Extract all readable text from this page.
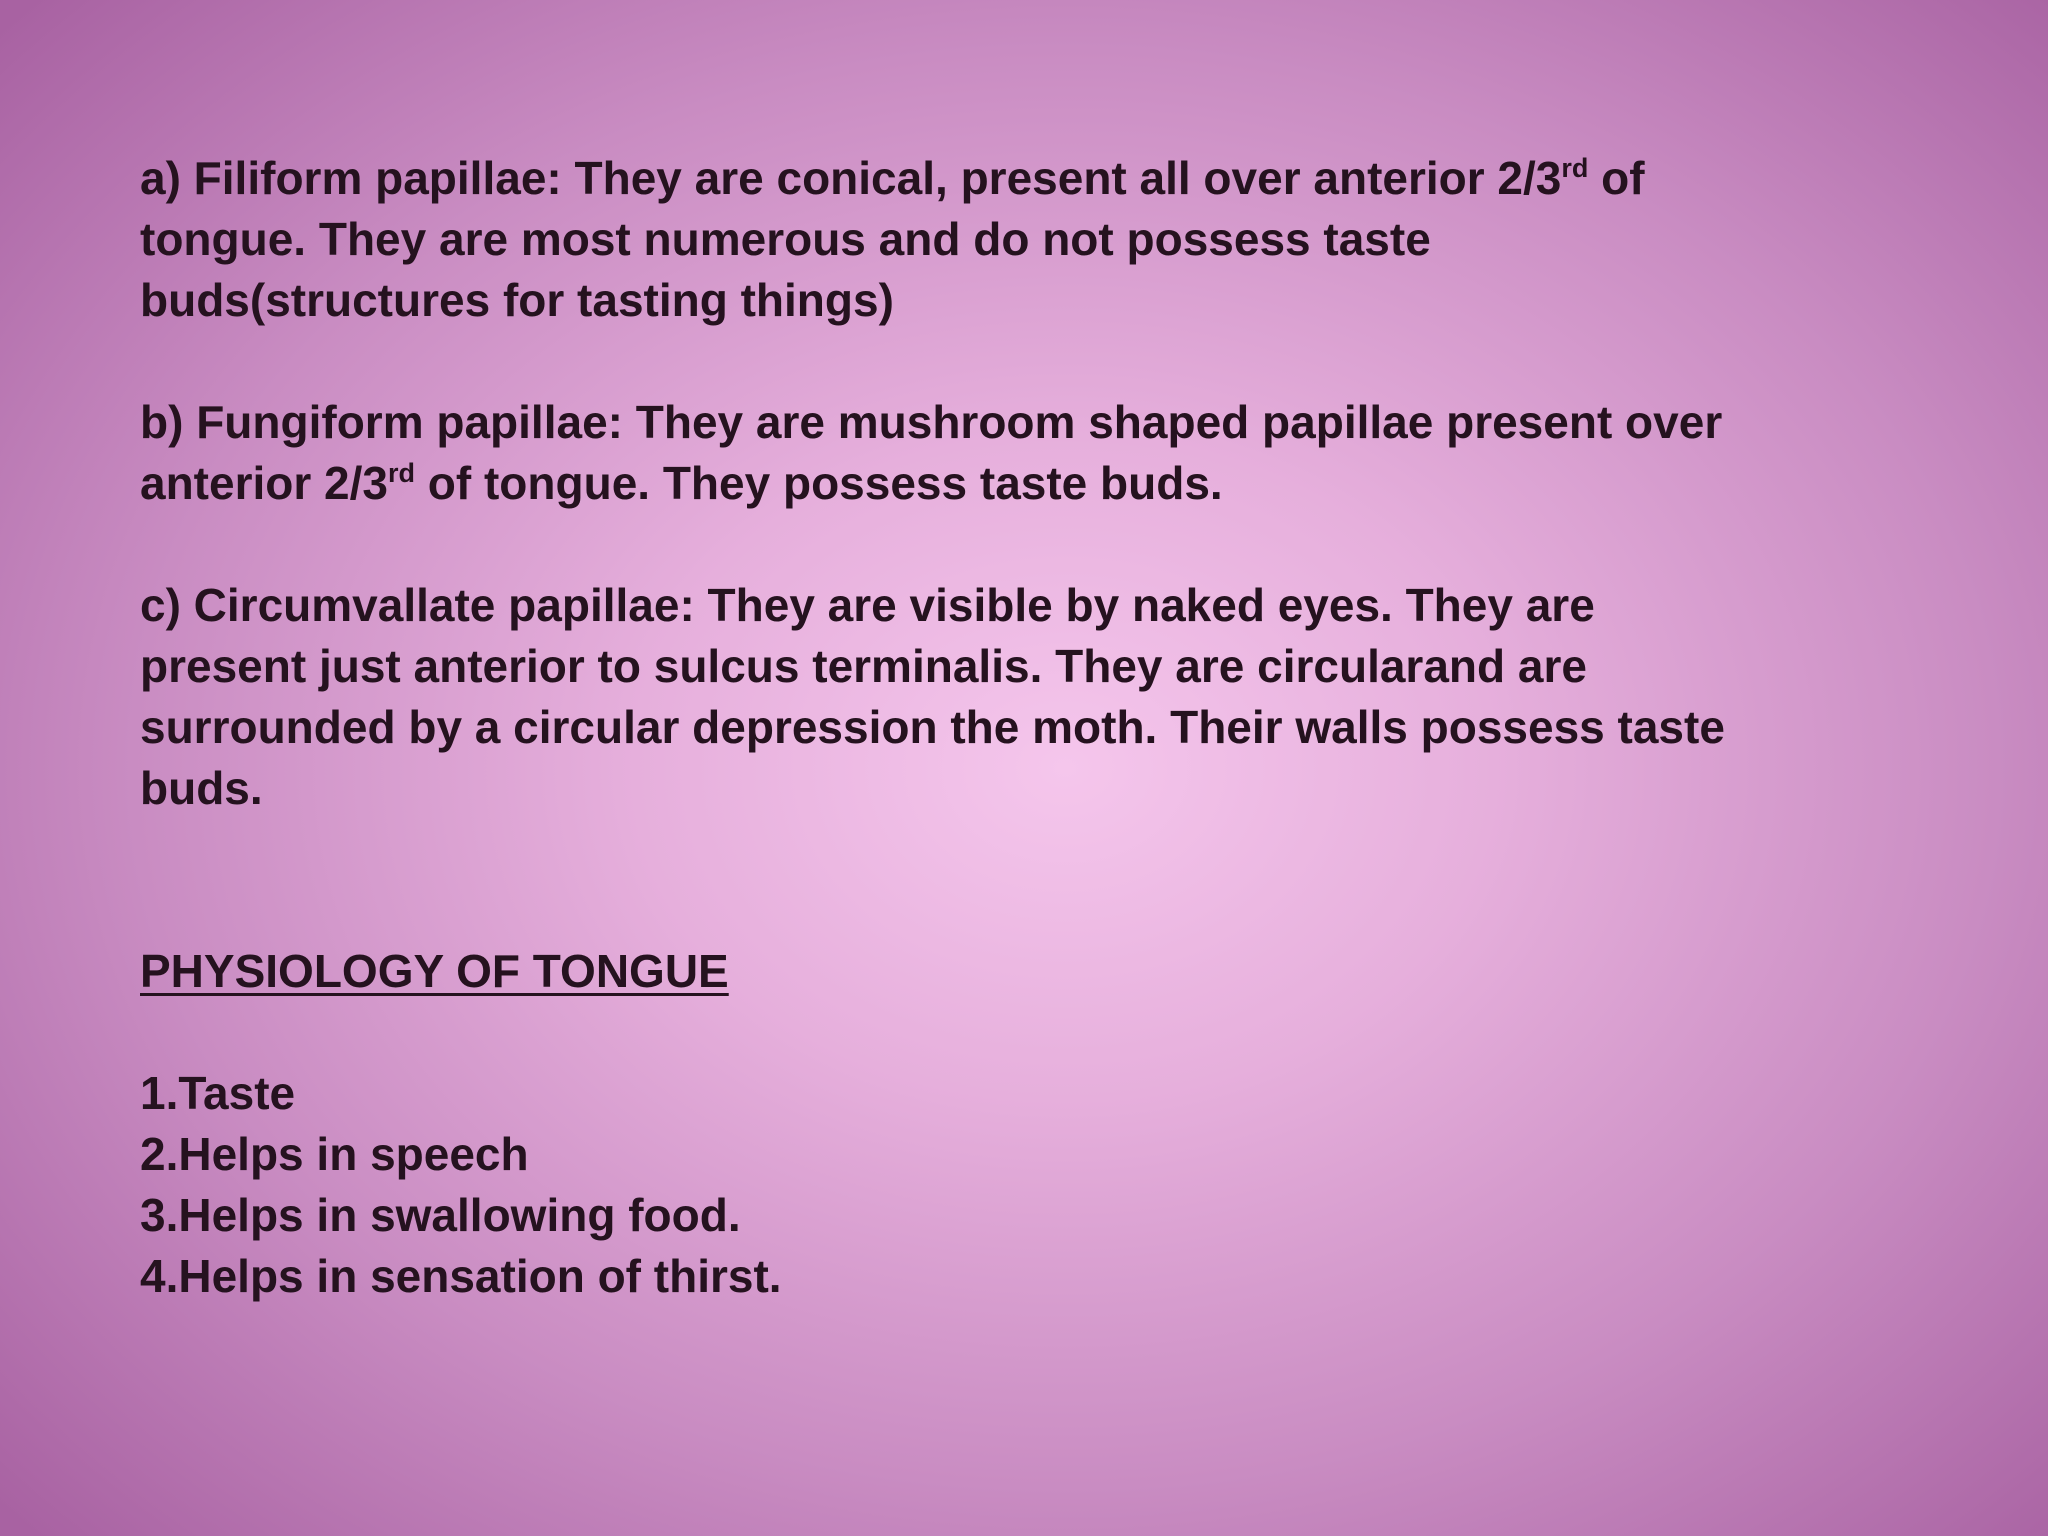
a) Filiform papillae: They are conical, present all over anterior 2/3rd of

tongue. They are most numerous and do not possess taste

buds(structures for tasting things)

b) Fungiform papillae: They are mushroom shaped papillae present over

anterior 2/3rd of tongue. They possess taste buds.

c) Circumvallate papillae: They are visible by naked eyes. They are

present just anterior to sulcus terminalis. They are circularand are

surrounded by a circular depression the moth. Their walls possess taste

buds.

PHYSIOLOGY OF TONGUE
1.Taste
2.Helps in speech
3.Helps in swallowing food.
4.Helps in sensation of thirst.
